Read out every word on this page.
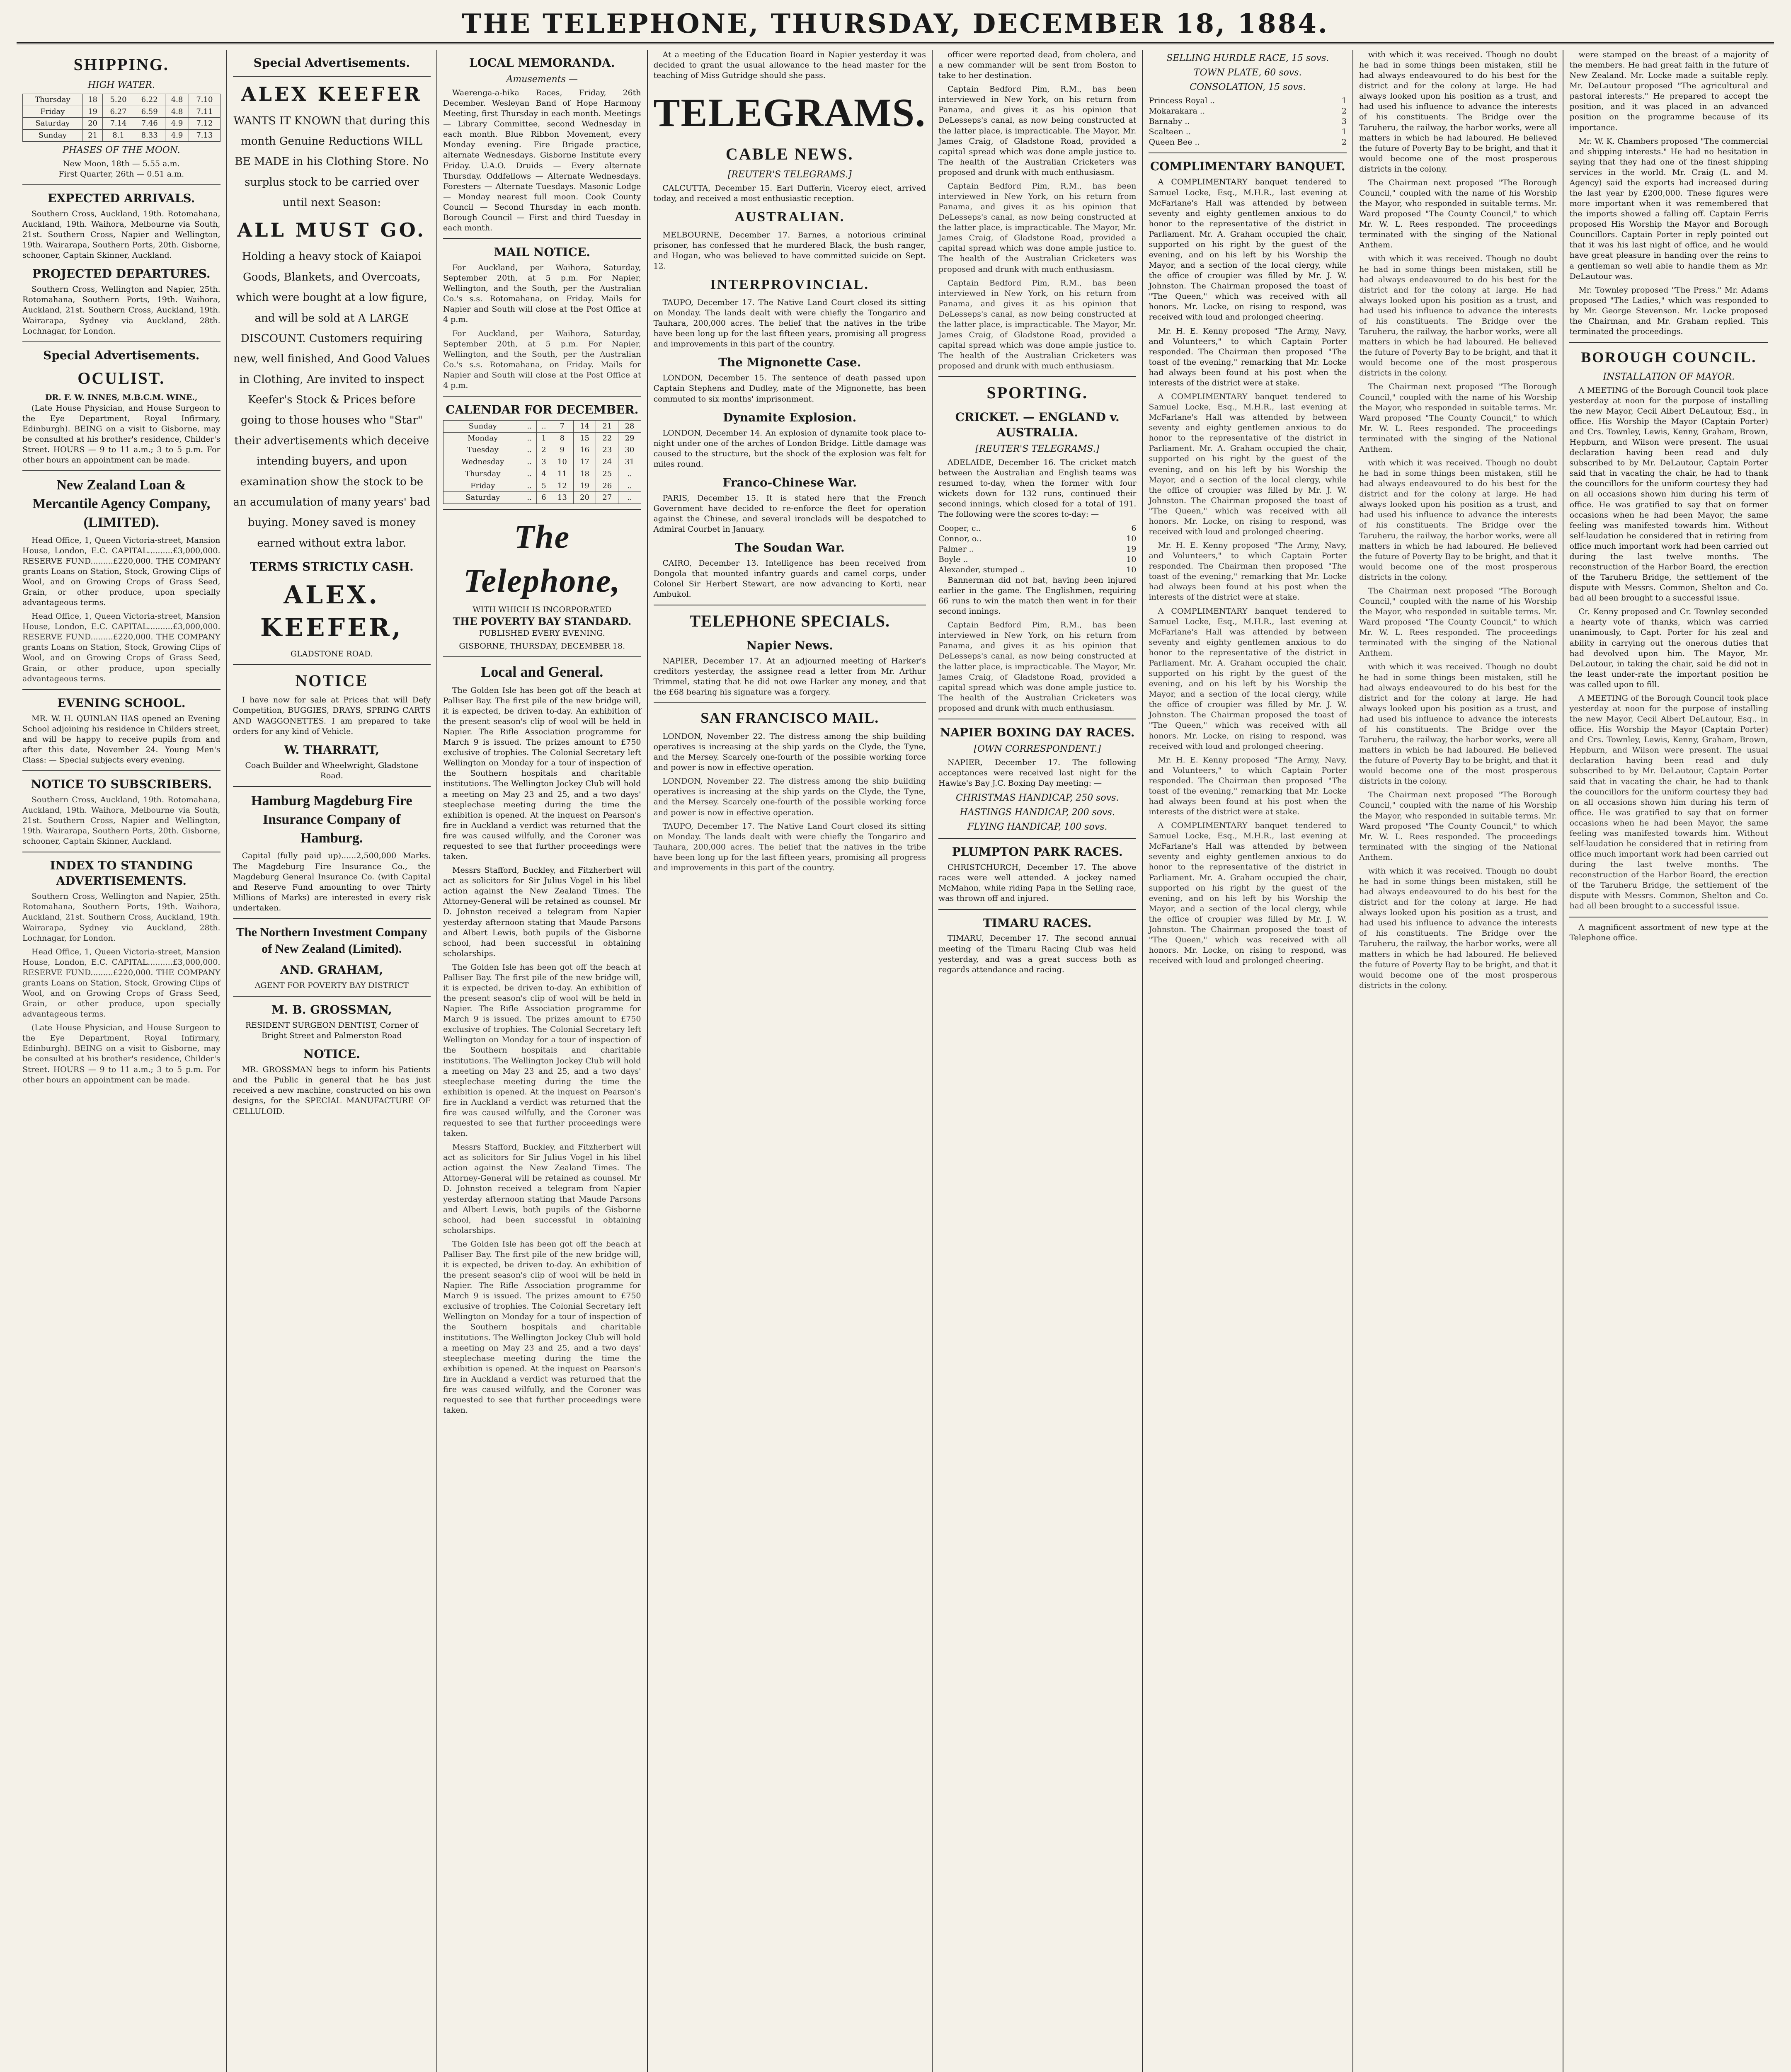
THE TELEPHONE, THURSDAY, DECEMBER 18, 1884.
SHIPPING.
HIGH WATER.
Thursday	18	5.20	6.22	4.8	7.10
Friday	19	6.27	6.59	4.8	7.11
Saturday	20	7.14	7.46	4.9	7.12
Sunday	21	8.1	8.33	4.9	7.13
PHASES OF THE MOON.
New Moon, 18th — 5.55 a.m.
First Quarter, 26th — 0.51 a.m.
EXPECTED ARRIVALS.

Southern Cross, Auckland, 19th. Rotomahana, Auckland, 19th. Waihora, Melbourne via South, 21st. Southern Cross, Napier and Wellington, 19th. Wairarapa, Southern Ports, 20th. Gisborne, schooner, Captain Skinner, Auckland.

PROJECTED DEPARTURES.

Southern Cross, Wellington and Napier, 25th. Rotomahana, Southern Ports, 19th. Waihora, Auckland, 21st. Southern Cross, Auckland, 19th. Wairarapa, Sydney via Auckland, 28th. Lochnagar, for London.

Special Advertisements.
OCULIST.
DR. F. W. INNES, M.B.C.M. WINE.,

(Late House Physician, and House Surgeon to the Eye Department, Royal Infirmary, Edinburgh). BEING on a visit to Gisborne, may be consulted at his brother's residence, Childer's Street. HOURS — 9 to 11 a.m.; 3 to 5 p.m. For other hours an appointment can be made.

New Zealand Loan & Mercantile Agency Company, (LIMITED).

Head Office, 1, Queen Victoria-street, Mansion House, London, E.C. CAPITAL..........£3,000,000. RESERVE FUND.........£220,000. THE COMPANY grants Loans on Station, Stock, Growing Clips of Wool, and on Growing Crops of Grass Seed, Grain, or other produce, upon specially advantageous terms.

Head Office, 1, Queen Victoria-street, Mansion House, London, E.C. CAPITAL..........£3,000,000. RESERVE FUND.........£220,000. THE COMPANY grants Loans on Station, Stock, Growing Clips of Wool, and on Growing Crops of Grass Seed, Grain, or other produce, upon specially advantageous terms.

EVENING SCHOOL.

MR. W. H. QUINLAN HAS opened an Evening School adjoining his residence in Childers street, and will be happy to receive pupils from and after this date, November 24. Young Men's Class: — Special subjects every evening.

NOTICE TO SUBSCRIBERS.

Southern Cross, Auckland, 19th. Rotomahana, Auckland, 19th. Waihora, Melbourne via South, 21st. Southern Cross, Napier and Wellington, 19th. Wairarapa, Southern Ports, 20th. Gisborne, schooner, Captain Skinner, Auckland.

INDEX TO STANDING ADVERTISEMENTS.

Southern Cross, Wellington and Napier, 25th. Rotomahana, Southern Ports, 19th. Waihora, Auckland, 21st. Southern Cross, Auckland, 19th. Wairarapa, Sydney via Auckland, 28th. Lochnagar, for London.

Head Office, 1, Queen Victoria-street, Mansion House, London, E.C. CAPITAL..........£3,000,000. RESERVE FUND.........£220,000. THE COMPANY grants Loans on Station, Stock, Growing Clips of Wool, and on Growing Crops of Grass Seed, Grain, or other produce, upon specially advantageous terms.

(Late House Physician, and House Surgeon to the Eye Department, Royal Infirmary, Edinburgh). BEING on a visit to Gisborne, may be consulted at his brother's residence, Childer's Street. HOURS — 9 to 11 a.m.; 3 to 5 p.m. For other hours an appointment can be made.

Special Advertisements.
ALEX KEEFER

WANTS IT KNOWN that during this month Genuine Reductions WILL BE MADE in his Clothing Store. No surplus stock to be carried over until next Season:

ALL MUST GO.

Holding a heavy stock of Kaiapoi Goods, Blankets, and Overcoats, which were bought at a low figure, and will be sold at A LARGE DISCOUNT. Customers requiring new, well finished, And Good Values in Clothing, Are invited to inspect Keefer's Stock & Prices before going to those houses who "Star" their advertisements which deceive intending buyers, and upon examination show the stock to be an accumulation of many years' bad buying. Money saved is money earned without extra labor.

TERMS STRICTLY CASH.
ALEX. KEEFER,
GLADSTONE ROAD.
NOTICE

I have now for sale at Prices that will Defy Competition, BUGGIES, DRAYS, SPRING CARTS AND WAGGONETTES. I am prepared to take orders for any kind of Vehicle.

W. THARRATT,
Coach Builder and Wheelwright, Gladstone Road.
Hamburg Magdeburg Fire Insurance Company of Hamburg.

Capital (fully paid up)......2,500,000 Marks. The Magdeburg Fire Insurance Co., the Magdeburg General Insurance Co. (with Capital and Reserve Fund amounting to over Thirty Millions of Marks) are interested in every risk undertaken.

The Northern Investment Company of New Zealand (Limited).
AND. GRAHAM,
AGENT FOR POVERTY BAY DISTRICT
M. B. GROSSMAN,
RESIDENT SURGEON DENTIST, Corner of Bright Street and Palmerston Road
NOTICE.

MR. GROSSMAN begs to inform his Patients and the Public in general that he has just received a new machine, constructed on his own designs, for the SPECIAL MANUFACTURE OF CELLULOID.

LOCAL MEMORANDA.
Amusements —

Waerenga-a-hika Races, Friday, 26th December. Wesleyan Band of Hope Harmony Meeting, first Thursday in each month. Meetings — Library Committee, second Wednesday in each month. Blue Ribbon Movement, every Monday evening. Fire Brigade practice, alternate Wednesdays. Gisborne Institute every Friday. U.A.O. Druids — Every alternate Thursday. Oddfellows — Alternate Wednesdays. Foresters — Alternate Tuesdays. Masonic Lodge — Monday nearest full moon. Cook County Council — Second Thursday in each month. Borough Council — First and third Tuesday in each month.

MAIL NOTICE.

For Auckland, per Waihora, Saturday, September 20th, at 5 p.m. For Napier, Wellington, and the South, per the Australian Co.'s s.s. Rotomahana, on Friday. Mails for Napier and South will close at the Post Office at 4 p.m.

For Auckland, per Waihora, Saturday, September 20th, at 5 p.m. For Napier, Wellington, and the South, per the Australian Co.'s s.s. Rotomahana, on Friday. Mails for Napier and South will close at the Post Office at 4 p.m.

CALENDAR FOR DECEMBER.
Sunday	..	..	7	14	21	28
Monday	..	1	8	15	22	29
Tuesday	..	2	9	16	23	30
Wednesday	..	3	10	17	24	31
Thursday	..	4	11	18	25	..
Friday	..	5	12	19	26	..
Saturday	..	6	13	20	27	..
The Telephone,
WITH WHICH IS INCORPORATED
THE POVERTY BAY STANDARD.
PUBLISHED EVERY EVENING.
GISBORNE, THURSDAY, DECEMBER 18.
Local and General.

The Golden Isle has been got off the beach at Palliser Bay. The first pile of the new bridge will, it is expected, be driven to-day. An exhibition of the present season's clip of wool will be held in Napier. The Rifle Association programme for March 9 is issued. The prizes amount to £750 exclusive of trophies. The Colonial Secretary left Wellington on Monday for a tour of inspection of the Southern hospitals and charitable institutions. The Wellington Jockey Club will hold a meeting on May 23 and 25, and a two days' steeplechase meeting during the time the exhibition is opened. At the inquest on Pearson's fire in Auckland a verdict was returned that the fire was caused wilfully, and the Coroner was requested to see that further proceedings were taken.

Messrs Stafford, Buckley, and Fitzherbert will act as solicitors for Sir Julius Vogel in his libel action against the New Zealand Times. The Attorney-General will be retained as counsel. Mr D. Johnston received a telegram from Napier yesterday afternoon stating that Maude Parsons and Albert Lewis, both pupils of the Gisborne school, had been successful in obtaining scholarships.

The Golden Isle has been got off the beach at Palliser Bay. The first pile of the new bridge will, it is expected, be driven to-day. An exhibition of the present season's clip of wool will be held in Napier. The Rifle Association programme for March 9 is issued. The prizes amount to £750 exclusive of trophies. The Colonial Secretary left Wellington on Monday for a tour of inspection of the Southern hospitals and charitable institutions. The Wellington Jockey Club will hold a meeting on May 23 and 25, and a two days' steeplechase meeting during the time the exhibition is opened. At the inquest on Pearson's fire in Auckland a verdict was returned that the fire was caused wilfully, and the Coroner was requested to see that further proceedings were taken.

Messrs Stafford, Buckley, and Fitzherbert will act as solicitors for Sir Julius Vogel in his libel action against the New Zealand Times. The Attorney-General will be retained as counsel. Mr D. Johnston received a telegram from Napier yesterday afternoon stating that Maude Parsons and Albert Lewis, both pupils of the Gisborne school, had been successful in obtaining scholarships.

The Golden Isle has been got off the beach at Palliser Bay. The first pile of the new bridge will, it is expected, be driven to-day. An exhibition of the present season's clip of wool will be held in Napier. The Rifle Association programme for March 9 is issued. The prizes amount to £750 exclusive of trophies. The Colonial Secretary left Wellington on Monday for a tour of inspection of the Southern hospitals and charitable institutions. The Wellington Jockey Club will hold a meeting on May 23 and 25, and a two days' steeplechase meeting during the time the exhibition is opened. At the inquest on Pearson's fire in Auckland a verdict was returned that the fire was caused wilfully, and the Coroner was requested to see that further proceedings were taken.

At a meeting of the Education Board in Napier yesterday it was decided to grant the usual allowance to the head master for the teaching of Miss Gutridge should she pass.

TELEGRAMS.
CABLE NEWS.
[REUTER'S TELEGRAMS.]

CALCUTTA, December 15. Earl Dufferin, Viceroy elect, arrived today, and received a most enthusiastic reception.

AUSTRALIAN.

MELBOURNE, December 17. Barnes, a notorious criminal prisoner, has confessed that he murdered Black, the bush ranger, and Hogan, who was believed to have committed suicide on Sept. 12.

INTERPROVINCIAL.

TAUPO, December 17. The Native Land Court closed its sitting on Monday. The lands dealt with were chiefly the Tongariro and Tauhara, 200,000 acres. The belief that the natives in the tribe have been long up for the last fifteen years, promising all progress and improvements in this part of the country.

The Mignonette Case.

LONDON, December 15. The sentence of death passed upon Captain Stephens and Dudley, mate of the Mignonette, has been commuted to six months' imprisonment.

Dynamite Explosion.

LONDON, December 14. An explosion of dynamite took place to-night under one of the arches of London Bridge. Little damage was caused to the structure, but the shock of the explosion was felt for miles round.

Franco-Chinese War.

PARIS, December 15. It is stated here that the French Government have decided to re-enforce the fleet for operation against the Chinese, and several ironclads will be despatched to Admiral Courbet in January.

The Soudan War.

CAIRO, December 13. Intelligence has been received from Dongola that mounted infantry guards and camel corps, under Colonel Sir Herbert Stewart, are now advancing to Korti, near Ambukol.

TELEPHONE SPECIALS.
Napier News.

NAPIER, December 17. At an adjourned meeting of Harker's creditors yesterday, the assignee read a letter from Mr. Arthur Trimmel, stating that he did not owe Harker any money, and that the £68 bearing his signature was a forgery.

SAN FRANCISCO MAIL.

LONDON, November 22. The distress among the ship building operatives is increasing at the ship yards on the Clyde, the Tyne, and the Mersey. Scarcely one-fourth of the possible working force and power is now in effective operation.

LONDON, November 22. The distress among the ship building operatives is increasing at the ship yards on the Clyde, the Tyne, and the Mersey. Scarcely one-fourth of the possible working force and power is now in effective operation.

TAUPO, December 17. The Native Land Court closed its sitting on Monday. The lands dealt with were chiefly the Tongariro and Tauhara, 200,000 acres. The belief that the natives in the tribe have been long up for the last fifteen years, promising all progress and improvements in this part of the country.

officer were reported dead, from cholera, and a new commander will be sent from Boston to take to her destination.

Captain Bedford Pim, R.M., has been interviewed in New York, on his return from Panama, and gives it as his opinion that DeLesseps's canal, as now being constructed at the latter place, is impracticable. The Mayor, Mr. James Craig, of Gladstone Road, provided a capital spread which was done ample justice to. The health of the Australian Cricketers was proposed and drunk with much enthusiasm.

Captain Bedford Pim, R.M., has been interviewed in New York, on his return from Panama, and gives it as his opinion that DeLesseps's canal, as now being constructed at the latter place, is impracticable. The Mayor, Mr. James Craig, of Gladstone Road, provided a capital spread which was done ample justice to. The health of the Australian Cricketers was proposed and drunk with much enthusiasm.

Captain Bedford Pim, R.M., has been interviewed in New York, on his return from Panama, and gives it as his opinion that DeLesseps's canal, as now being constructed at the latter place, is impracticable. The Mayor, Mr. James Craig, of Gladstone Road, provided a capital spread which was done ample justice to. The health of the Australian Cricketers was proposed and drunk with much enthusiasm.

SPORTING.
CRICKET. — ENGLAND v. AUSTRALIA.
[REUTER'S TELEGRAMS.]

ADELAIDE, December 16. The cricket match between the Australian and English teams was resumed to-day, when the former with four wickets down for 132 runs, continued their second innings, which closed for a total of 191. The following were the scores to-day: —

Cooper, c..	6
Connor, o..	10
Palmer ..	19
Boyle ..	10
Alexander, stumped ..	10

Bannerman did not bat, having been injured earlier in the game. The Englishmen, requiring 66 runs to win the match then went in for their second innings.

Captain Bedford Pim, R.M., has been interviewed in New York, on his return from Panama, and gives it as his opinion that DeLesseps's canal, as now being constructed at the latter place, is impracticable. The Mayor, Mr. James Craig, of Gladstone Road, provided a capital spread which was done ample justice to. The health of the Australian Cricketers was proposed and drunk with much enthusiasm.

NAPIER BOXING DAY RACES.
[OWN CORRESPONDENT.]

NAPIER, December 17. The following acceptances were received last night for the Hawke's Bay J.C. Boxing Day meeting: —

CHRISTMAS HANDICAP, 250 sovs.
HASTINGS HANDICAP, 200 sovs.
FLYING HANDICAP, 100 sovs.
PLUMPTON PARK RACES.

CHRISTCHURCH, December 17. The above races were well attended. A jockey named McMahon, while riding Papa in the Selling race, was thrown off and injured.

TIMARU RACES.

TIMARU, December 17. The second annual meeting of the Timaru Racing Club was held yesterday, and was a great success both as regards attendance and racing.

SELLING HURDLE RACE, 15 sovs.
TOWN PLATE, 60 sovs.
CONSOLATION, 15 sovs.
Princess Royal ..	1
Mokarakara ..	2
Barnaby ..	3
Scalteen ..	1
Queen Bee ..	2
COMPLIMENTARY BANQUET.

A COMPLIMENTARY banquet tendered to Samuel Locke, Esq., M.H.R., last evening at McFarlane's Hall was attended by between seventy and eighty gentlemen anxious to do honor to the representative of the district in Parliament. Mr. A. Graham occupied the chair, supported on his right by the guest of the evening, and on his left by his Worship the Mayor, and a section of the local clergy, while the office of croupier was filled by Mr. J. W. Johnston. The Chairman proposed the toast of "The Queen," which was received with all honors. Mr. Locke, on rising to respond, was received with loud and prolonged cheering.

Mr. H. E. Kenny proposed "The Army, Navy, and Volunteers," to which Captain Porter responded. The Chairman then proposed "The toast of the evening," remarking that Mr. Locke had always been found at his post when the interests of the district were at stake.

A COMPLIMENTARY banquet tendered to Samuel Locke, Esq., M.H.R., last evening at McFarlane's Hall was attended by between seventy and eighty gentlemen anxious to do honor to the representative of the district in Parliament. Mr. A. Graham occupied the chair, supported on his right by the guest of the evening, and on his left by his Worship the Mayor, and a section of the local clergy, while the office of croupier was filled by Mr. J. W. Johnston. The Chairman proposed the toast of "The Queen," which was received with all honors. Mr. Locke, on rising to respond, was received with loud and prolonged cheering.

Mr. H. E. Kenny proposed "The Army, Navy, and Volunteers," to which Captain Porter responded. The Chairman then proposed "The toast of the evening," remarking that Mr. Locke had always been found at his post when the interests of the district were at stake.

A COMPLIMENTARY banquet tendered to Samuel Locke, Esq., M.H.R., last evening at McFarlane's Hall was attended by between seventy and eighty gentlemen anxious to do honor to the representative of the district in Parliament. Mr. A. Graham occupied the chair, supported on his right by the guest of the evening, and on his left by his Worship the Mayor, and a section of the local clergy, while the office of croupier was filled by Mr. J. W. Johnston. The Chairman proposed the toast of "The Queen," which was received with all honors. Mr. Locke, on rising to respond, was received with loud and prolonged cheering.

Mr. H. E. Kenny proposed "The Army, Navy, and Volunteers," to which Captain Porter responded. The Chairman then proposed "The toast of the evening," remarking that Mr. Locke had always been found at his post when the interests of the district were at stake.

A COMPLIMENTARY banquet tendered to Samuel Locke, Esq., M.H.R., last evening at McFarlane's Hall was attended by between seventy and eighty gentlemen anxious to do honor to the representative of the district in Parliament. Mr. A. Graham occupied the chair, supported on his right by the guest of the evening, and on his left by his Worship the Mayor, and a section of the local clergy, while the office of croupier was filled by Mr. J. W. Johnston. The Chairman proposed the toast of "The Queen," which was received with all honors. Mr. Locke, on rising to respond, was received with loud and prolonged cheering.

with which it was received. Though no doubt he had in some things been mistaken, still he had always endeavoured to do his best for the district and for the colony at large. He had always looked upon his position as a trust, and had used his influence to advance the interests of his constituents. The Bridge over the Taruheru, the railway, the harbor works, were all matters in which he had laboured. He believed the future of Poverty Bay to be bright, and that it would become one of the most prosperous districts in the colony.

The Chairman next proposed "The Borough Council," coupled with the name of his Worship the Mayor, who responded in suitable terms. Mr. Ward proposed "The County Council," to which Mr. W. L. Rees responded. The proceedings terminated with the singing of the National Anthem.

with which it was received. Though no doubt he had in some things been mistaken, still he had always endeavoured to do his best for the district and for the colony at large. He had always looked upon his position as a trust, and had used his influence to advance the interests of his constituents. The Bridge over the Taruheru, the railway, the harbor works, were all matters in which he had laboured. He believed the future of Poverty Bay to be bright, and that it would become one of the most prosperous districts in the colony.

The Chairman next proposed "The Borough Council," coupled with the name of his Worship the Mayor, who responded in suitable terms. Mr. Ward proposed "The County Council," to which Mr. W. L. Rees responded. The proceedings terminated with the singing of the National Anthem.

with which it was received. Though no doubt he had in some things been mistaken, still he had always endeavoured to do his best for the district and for the colony at large. He had always looked upon his position as a trust, and had used his influence to advance the interests of his constituents. The Bridge over the Taruheru, the railway, the harbor works, were all matters in which he had laboured. He believed the future of Poverty Bay to be bright, and that it would become one of the most prosperous districts in the colony.

The Chairman next proposed "The Borough Council," coupled with the name of his Worship the Mayor, who responded in suitable terms. Mr. Ward proposed "The County Council," to which Mr. W. L. Rees responded. The proceedings terminated with the singing of the National Anthem.

with which it was received. Though no doubt he had in some things been mistaken, still he had always endeavoured to do his best for the district and for the colony at large. He had always looked upon his position as a trust, and had used his influence to advance the interests of his constituents. The Bridge over the Taruheru, the railway, the harbor works, were all matters in which he had laboured. He believed the future of Poverty Bay to be bright, and that it would become one of the most prosperous districts in the colony.

The Chairman next proposed "The Borough Council," coupled with the name of his Worship the Mayor, who responded in suitable terms. Mr. Ward proposed "The County Council," to which Mr. W. L. Rees responded. The proceedings terminated with the singing of the National Anthem.

with which it was received. Though no doubt he had in some things been mistaken, still he had always endeavoured to do his best for the district and for the colony at large. He had always looked upon his position as a trust, and had used his influence to advance the interests of his constituents. The Bridge over the Taruheru, the railway, the harbor works, were all matters in which he had laboured. He believed the future of Poverty Bay to be bright, and that it would become one of the most prosperous districts in the colony.

were stamped on the breast of a majority of the members. He had great faith in the future of New Zealand. Mr. Locke made a suitable reply. Mr. DeLautour proposed "The agricultural and pastoral interests." He prepared to accept the position, and it was placed in an advanced position on the programme because of its importance.

Mr. W. K. Chambers proposed "The commercial and shipping interests." He had no hesitation in saying that they had one of the finest shipping services in the world. Mr. Craig (L. and M. Agency) said the exports had increased during the last year by £200,000. These figures were more important when it was remembered that the imports showed a falling off. Captain Ferris proposed His Worship the Mayor and Borough Councillors. Captain Porter in reply pointed out that it was his last night of office, and he would have great pleasure in handing over the reins to a gentleman so well able to handle them as Mr. DeLautour was.

Mr. Townley proposed "The Press." Mr. Adams proposed "The Ladies," which was responded to by Mr. George Stevenson. Mr. Locke proposed the Chairman, and Mr. Graham replied. This terminated the proceedings.

BOROUGH COUNCIL.
INSTALLATION OF MAYOR.

A MEETING of the Borough Council took place yesterday at noon for the purpose of installing the new Mayor, Cecil Albert DeLautour, Esq., in office. His Worship the Mayor (Captain Porter) and Crs. Townley, Lewis, Kenny, Graham, Brown, Hepburn, and Wilson were present. The usual declaration having been read and duly subscribed to by Mr. DeLautour, Captain Porter said that in vacating the chair, he had to thank the councillors for the uniform courtesy they had on all occasions shown him during his term of office. He was gratified to say that on former occasions when he had been Mayor, the same feeling was manifested towards him. Without self-laudation he considered that in retiring from office much important work had been carried out during the last twelve months. The reconstruction of the Harbor Board, the erection of the Taruheru Bridge, the settlement of the dispute with Messrs. Common, Shelton and Co. had all been brought to a successful issue.

Cr. Kenny proposed and Cr. Townley seconded a hearty vote of thanks, which was carried unanimously, to Capt. Porter for his zeal and ability in carrying out the onerous duties that had devolved upon him. The Mayor, Mr. DeLautour, in taking the chair, said he did not in the least under-rate the important position he was called upon to fill.

A MEETING of the Borough Council took place yesterday at noon for the purpose of installing the new Mayor, Cecil Albert DeLautour, Esq., in office. His Worship the Mayor (Captain Porter) and Crs. Townley, Lewis, Kenny, Graham, Brown, Hepburn, and Wilson were present. The usual declaration having been read and duly subscribed to by Mr. DeLautour, Captain Porter said that in vacating the chair, he had to thank the councillors for the uniform courtesy they had on all occasions shown him during his term of office. He was gratified to say that on former occasions when he had been Mayor, the same feeling was manifested towards him. Without self-laudation he considered that in retiring from office much important work had been carried out during the last twelve months. The reconstruction of the Harbor Board, the erection of the Taruheru Bridge, the settlement of the dispute with Messrs. Common, Shelton and Co. had all been brought to a successful issue.

A magnificent assortment of new type at the Telephone office.
